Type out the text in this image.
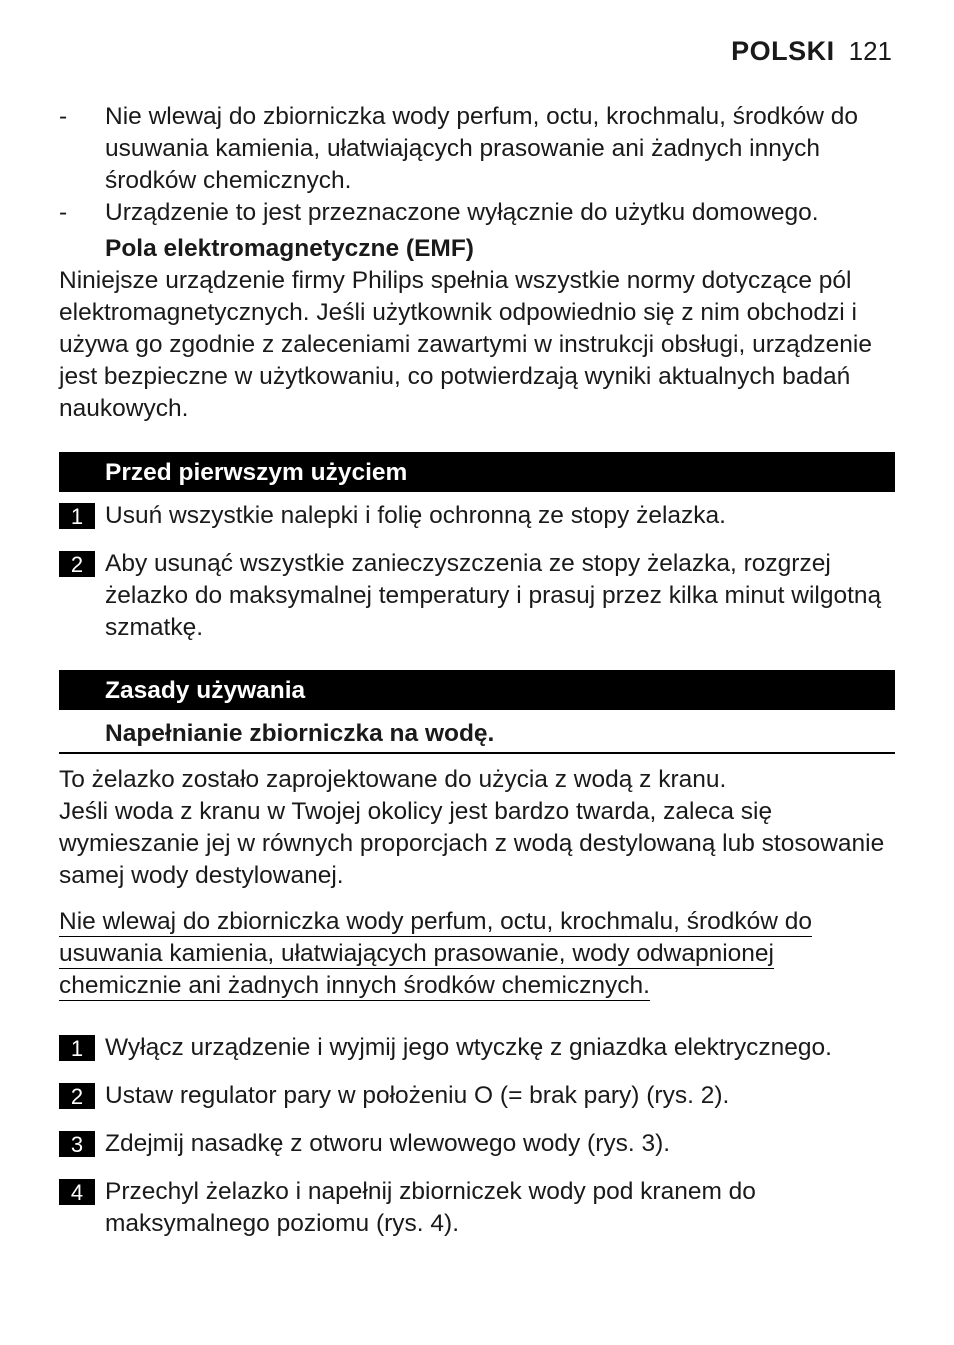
POLSKI 121
- Nie wlewaj do zbiorniczka wody perfum, octu, krochmalu, środków do usuwania kamienia, ułatwiających prasowanie ani żadnych innych środków chemicznych.
- Urządzenie to jest przeznaczone wyłącznie do użytku domowego.
Pola elektromagnetyczne (EMF)

Niniejsze urządzenie firmy Philips spełnia wszystkie normy dotyczące pól elektromagnetycznych. Jeśli użytkownik odpowiednio się z nim obchodzi i używa go zgodnie z zaleceniami zawartymi w instrukcji obsługi, urządzenie jest bezpieczne w użytkowaniu, co potwierdzają wyniki aktualnych badań naukowych.

Przed pierwszym użyciem
1 Usuń wszystkie nalepki i folię ochronną ze stopy żelazka.
2 Aby usunąć wszystkie zanieczyszczenia ze stopy żelazka, rozgrzej żelazko do maksymalnej temperatury i prasuj przez kilka minut wilgotną szmatkę.
Zasady używania
Napełnianie zbiorniczka na wodę.

To żelazko zostało zaprojektowane do użycia z wodą z kranu.

Jeśli woda z kranu w Twojej okolicy jest bardzo twarda, zaleca się wymieszanie jej w równych proporcjach z wodą destylowaną lub stosowanie samej wody destylowanej.

Nie wlewaj do zbiorniczka wody perfum, octu, krochmalu, środków do
usuwania kamienia, ułatwiających prasowanie, wody odwapnionej
chemicznie ani żadnych innych środków chemicznych.
1 Wyłącz urządzenie i wyjmij jego wtyczkę z gniazdka elektrycznego.
2 Ustaw regulator pary w położeniu O (= brak pary) (rys. 2).
3 Zdejmij nasadkę z otworu wlewowego wody (rys. 3).
4 Przechyl żelazko i napełnij zbiorniczek wody pod kranem do maksymalnego poziomu (rys. 4).
